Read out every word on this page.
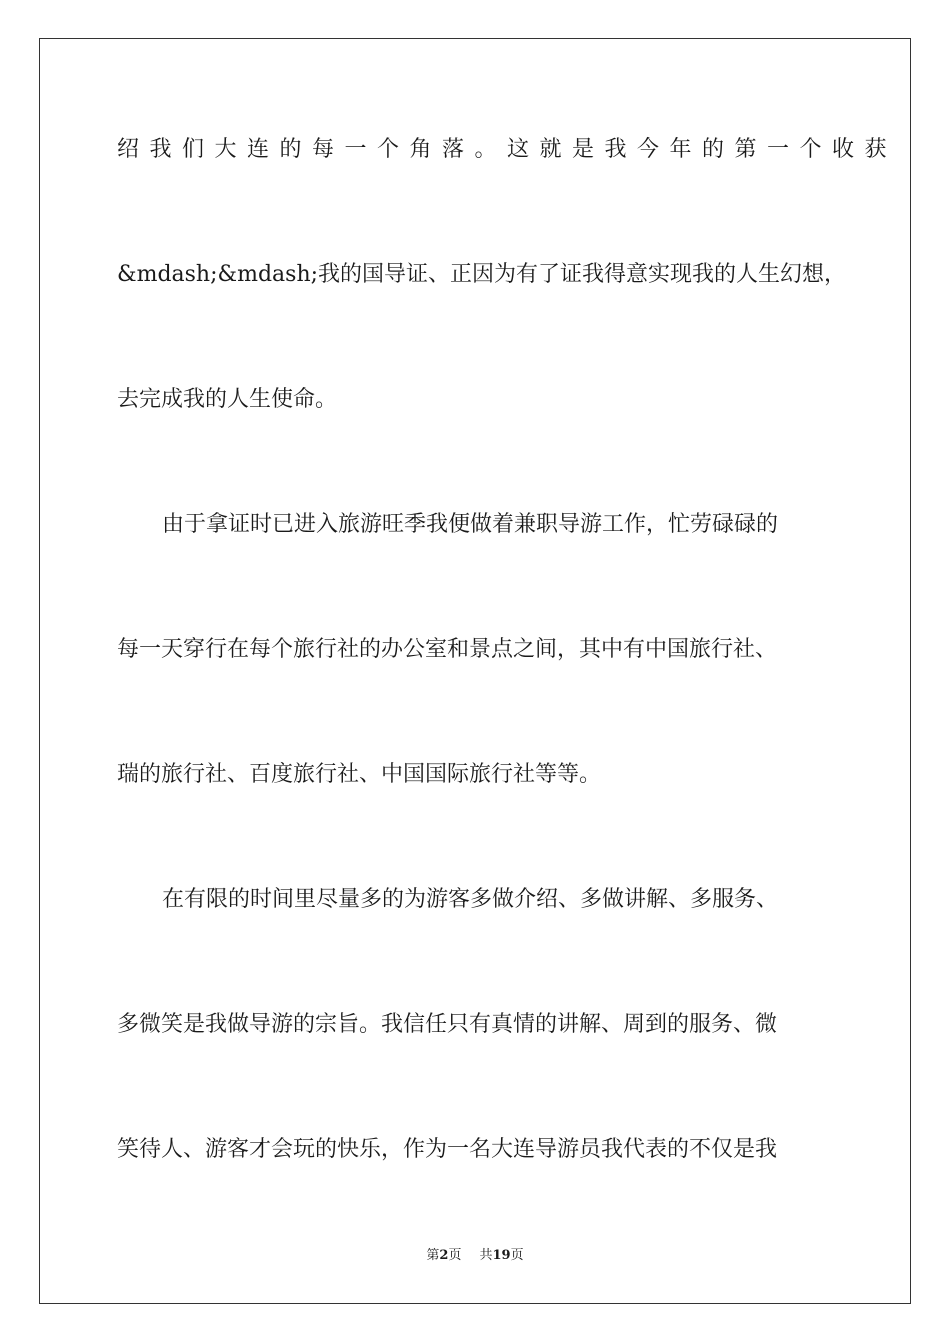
绍我们大连的每一个角落。这就是我今年的第一个收获

&mdash;&mdash;我的国导证、正因为有了证我得意实现我的人生幻想，

去完成我的人生使命。

由于拿证时已进入旅游旺季我便做着兼职导游工作，忙劳碌碌的

每一天穿行在每个旅行社的办公室和景点之间，其中有中国旅行社、

瑞的旅行社、百度旅行社、中国国际旅行社等等。

在有限的时间里尽量多的为游客多做介绍、多做讲解、多服务、

多微笑是我做导游的宗旨。我信任只有真情的讲解、周到的服务、微

笑待人、游客才会玩的快乐，作为一名大连导游员我代表的不仅是我

第2页 共19页
